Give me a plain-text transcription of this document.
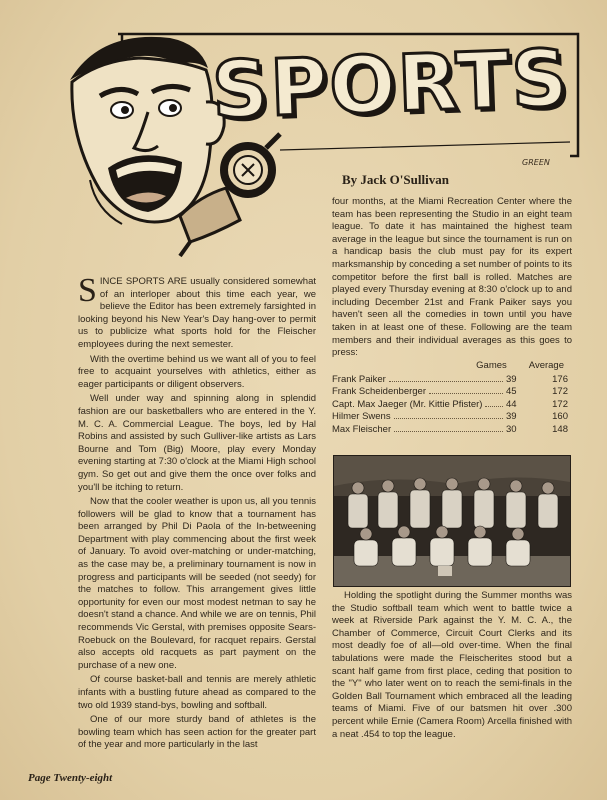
SPORTS
GREEN
By Jack O'Sullivan

SINCE SPORTS ARE usually considered somewhat of an interloper about this time each year, we believe the Editor has been extremely farsighted in looking beyond his New Year's Day hang-over to permit us to publicize what sports hold for the Fleischer employees during the next semester.

With the overtime behind us we want all of you to feel free to acquaint yourselves with athletics, either as eager participants or diligent observers.

Well under way and spinning along in splendid fashion are our basketballers who are entered in the Y. M. C. A. Commercial League. The boys, led by Hal Robins and assisted by such Gulliver-like artists as Lars Bourne and Tom (Big) Moore, play every Monday evening starting at 7:30 o'clock at the Miami High school gym. So get out and give them the once over folks and you'll be itching to return.

Now that the cooler weather is upon us, all you tennis followers will be glad to know that a tournament has been arranged by Phil Di Paola of the In-betweening Department with play commencing about the first week of January. To avoid over-matching or under-matching, as the case may be, a preliminary tournament is now in progress and participants will be seeded (not seedy) for the matches to follow. This arrangement gives little opportunity for even our most modest netman to say he doesn't stand a chance. And while we are on tennis, Phil recommends Vic Gerstal, with premises opposite Sears-Roebuck on the Boulevard, for racquet repairs. Gerstal also accepts old racquets as part payment on the purchase of a new one.

Of course basket-ball and tennis are merely athletic infants with a bustling future ahead as compared to the two old 1939 stand-bys, bowling and softball.

One of our more sturdy band of athletes is the bowling team which has seen action for the greater part of the year and more particularly in the last

four months, at the Miami Recreation Center where the team has been representing the Studio in an eight team league. To date it has maintained the highest team average in the league but since the tournament is run on a handicap basis the club must pay for its expert marksmanship by conceding a set number of points to its competitor before the first ball is rolled. Matches are played every Thursday evening at 8:30 o'clock up to and including December 21st and Frank Paiker says you haven't seen all the comedies in town until you have taken in at least one of these. Following are the team members and their individual averages as this goes to press:

Games Average
Frank Paiker	39	176
Frank Scheidenberger	45	172
Capt. Max Jaeger (Mr. Kittie Pfister) 44	172
Hilmer Swens	39	160
Max Fleischer	30	148

Holding the spotlight during the Summer months was the Studio softball team which went to battle twice a week at Riverside Park against the Y. M. C. A., the Chamber of Commerce, Circuit Court Clerks and its most deadly foe of all—old over-time. When the final tabulations were made the Fleischerites stood but a scant half game from first place, ceding that position to the "Y" who later went on to reach the semi-finals in the Golden Ball Tournament which embraced all the leading teams of Miami. Five of our batsmen hit over .300 percent while Ernie (Camera Room) Arcella finished with a neat .454 to top the league.

Page Twenty-eight
